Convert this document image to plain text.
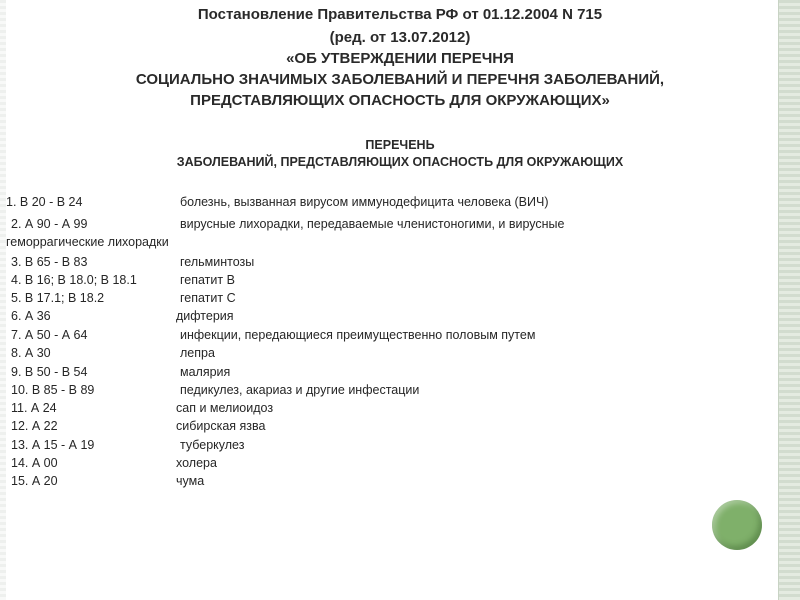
Постановление Правительства РФ от 01.12.2004 N 715
(ред. от 13.07.2012)
«ОБ УТВЕРЖДЕНИИ ПЕРЕЧНЯ
СОЦИАЛЬНО ЗНАЧИМЫХ ЗАБОЛЕВАНИЙ И ПЕРЕЧНЯ ЗАБОЛЕВАНИЙ,
ПРЕДСТАВЛЯЮЩИХ ОПАСНОСТЬ ДЛЯ ОКРУЖАЮЩИХ»
ПЕРЕЧЕНЬ
ЗАБОЛЕВАНИЙ, ПРЕДСТАВЛЯЮЩИХ ОПАСНОСТЬ ДЛЯ ОКРУЖАЮЩИХ
1. В 20 - В 24	болезнь, вызванная вирусом иммунодефицита человека (ВИЧ)
2. А 90 - А 99	вирусные лихорадки, передаваемые членистоногими, и вирусные
геморрагические лихорадки
3. В 65 - В 83	гельминтозы
4. В 16; В 18.0; В 18.1	гепатит В
5. В 17.1; В 18.2	гепатит С
6. А 36	дифтерия
7. А 50 - А 64	инфекции, передающиеся преимущественно половым путем
8. А 30	лепра
9. В 50 - В 54	малярия
10. В 85 - В 89	педикулез, акариаз и другие инфестации
11. А 24	сап и мелиоидоз
12. А 22	сибирская язва
13. А 15 - А 19	туберкулез
14. А 00	холера
15. А 20	чума
